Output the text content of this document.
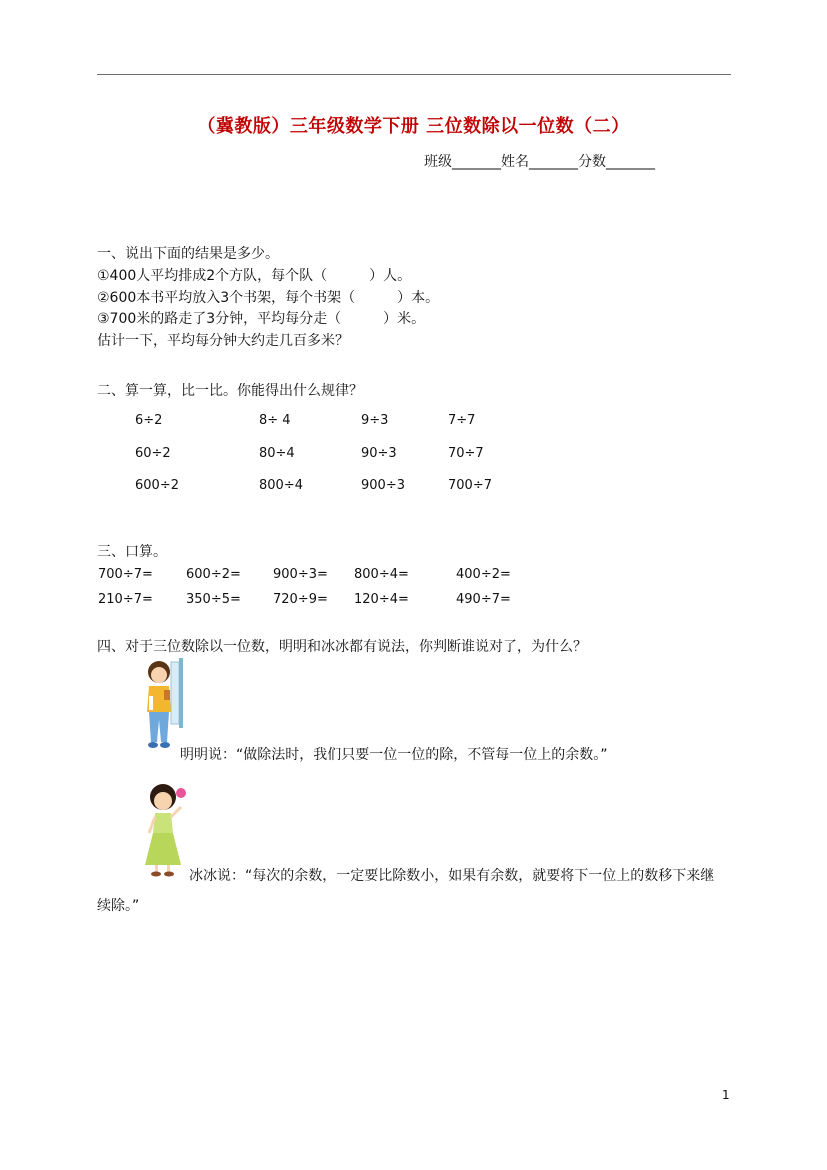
（冀教版）三年级数学下册 三位数除以一位数（二）
班级_______姓名_______分数_______
一、说出下面的结果是多少。
①400人平均排成2个方队，每个队（　　　）人。
②600本书平均放入3个书架，每个书架（　　　）本。
③700米的路走了3分钟，平均每分走（　　　）米。
估计一下，平均每分钟大约走几百多米？
二、算一算，比一比。你能得出什么规律？
6÷2	8÷ 4	9÷3	7÷7
60÷2	80÷4	90÷3	70÷7
600÷2	800÷4	900÷3	700÷7
三、口算。
700÷7=	600÷2= 900÷3= 800÷4=	400÷2=
210÷7=	350÷5= 720÷9= 120÷4=	490÷7=
四、对于三位数除以一位数，明明和冰冰都有说法，你判断谁说对了，为什么？
明明说：“做除法时，我们只要一位一位的除，不管每一位上的余数。”
冰冰说：“每次的余数，一定要比除数小，如果有余数，就要将下一位上的数移下来继
续除。”
1
